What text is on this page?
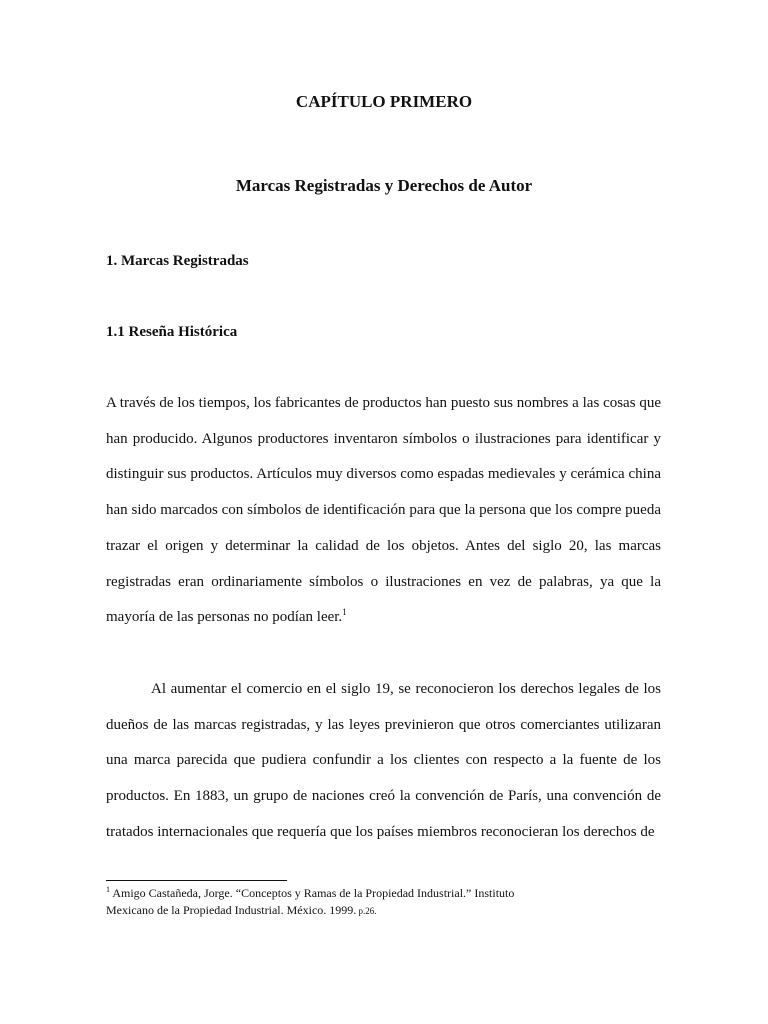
CAPÍTULO PRIMERO
Marcas Registradas y Derechos de Autor
1. Marcas Registradas
1.1 Reseña Histórica

A través de los tiempos, los fabricantes de productos han puesto sus nombres a las cosas que han producido. Algunos productores inventaron símbolos o ilustraciones para identificar y distinguir sus productos. Artículos muy diversos como espadas medievales y cerámica china han sido marcados con símbolos de identificación para que la persona que los compre pueda trazar el origen y determinar la calidad de los objetos. Antes del siglo 20, las marcas registradas eran ordinariamente símbolos o ilustraciones en vez de palabras, ya que la mayoría de las personas no podían leer.$^1$

Al aumentar el comercio en el siglo 19, se reconocieron los derechos legales de los dueños de las marcas registradas, y las leyes previnieron que otros comerciantes utilizaran una marca parecida que pudiera confundir a los clientes con respecto a la fuente de los productos. En 1883, un grupo de naciones creó la convención de París, una convención de tratados internacionales que requería que los países miembros reconocieran los derechos de

$^1$ Amigo Castañeda, Jorge. “Conceptos y Ramas de la Propiedad Industrial.” Instituto
Mexicano de la Propiedad Industrial. México. 1999. p.26.
